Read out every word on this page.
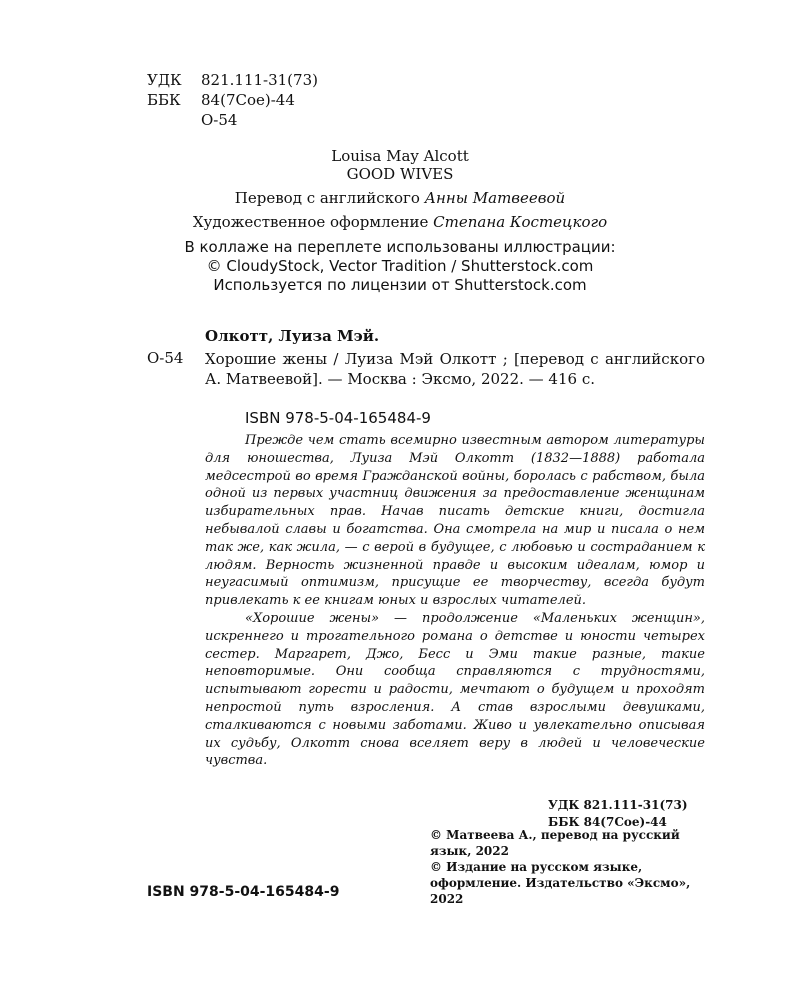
УДК	821.111-31(73)
ББК	84(7Сое)-44
О-54
Louisa May Alcott
GOOD WIVES
Перевод с английского Анны Матвеевой
Художественное оформление Степана Костецкого
В коллаже на переплете использованы иллюстрации:
© CloudyStock, Vector Tradition / Shutterstock.com
Используется по лицензии от Shutterstock.com
Олкотт, Луиза Мэй.
О-54 Хорошие жены / Луиза Мэй Олкотт ; [перевод с английского А. Матвеевой]. — Москва : Эксмо, 2022. — 416 с.
ISBN 978-5-04-165484-9

Прежде чем стать всемирно известным автором литературы для юношества, Луиза Мэй Олкотт (1832—1888) работала медсестрой во время Гражданской войны, боролась с рабством, была одной из первых участниц движения за предоставление женщинам избирательных прав. Начав писать детские книги, достигла небывалой славы и богатства. Она смотрела на мир и писала о нем так же, как жила, — с верой в будущее, с любовью и состраданием к людям. Верность жизненной правде и высоким идеалам, юмор и неугасимый оптимизм, присущие ее творчеству, всегда будут привлекать к ее книгам юных и взрослых читателей.

«Хорошие жены» — продолжение «Маленьких женщин», искреннего и трогательного романа о детстве и юности четырех сестер. Маргарет, Джо, Бесс и Эми такие разные, такие неповторимые. Они сообща справляются с трудностями, испытывают горести и радости, мечтают о будущем и проходят непростой путь взросления. А став взрослыми девушками, сталкиваются с новыми заботами. Живо и увлекательно описывая их судьбу, Олкотт снова вселяет веру в людей и человеческие чувства.

УДК 821.111-31(73)
ББК 84(7Сое)-44
© Матвеева А., перевод на русский язык, 2022
© Издание на русском языке, оформление. Издательство «Эксмо», 2022
ISBN 978-5-04-165484-9
